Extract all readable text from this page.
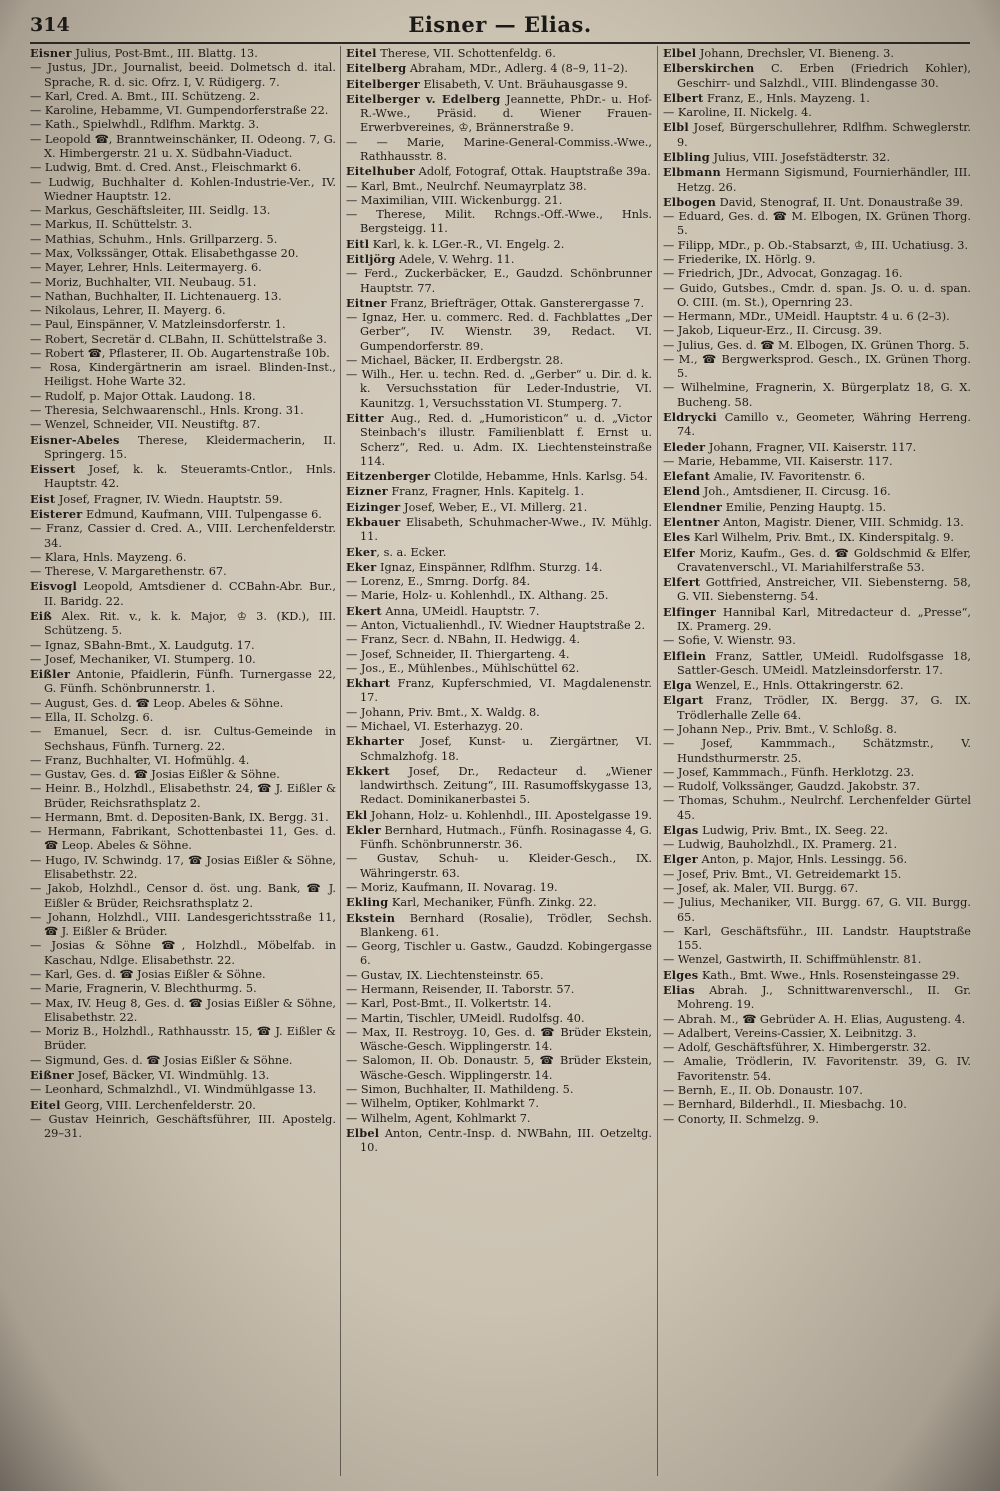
314	Eisner — Elias.

Eisner Julius, Post-Bmt., III. Blattg. 13.

— Justus, JDr., Journalist, beeid. Dolmetsch d. ital. Sprache, R. d. sic. Ofrz. I, V. Rüdigerg. 7.

— Karl, Cred. A. Bmt., III. Schützeng. 2.

— Karoline, Hebamme, VI. Gumpendorferstraße 22.

— Kath., Spielwhdl., Rdlfhm. Marktg. 3.

— Leopold ☎, Branntweinschänker, II. Odeong. 7, G. X. Himbergerstr. 21 u. X. Südbahn-Viaduct.

— Ludwig, Bmt. d. Cred. Anst., Fleischmarkt 6.

— Ludwig, Buchhalter d. Kohlen-Industrie-Ver., IV. Wiedner Hauptstr. 12.

— Markus, Geschäftsleiter, III. Seidlg. 13.

— Markus, II. Schüttelstr. 3.

— Mathias, Schuhm., Hnls. Grillparzerg. 5.

— Max, Volkssänger, Ottak. Elisabethgasse 20.

— Mayer, Lehrer, Hnls. Leitermayerg. 6.

— Moriz, Buchhalter, VII. Neubaug. 51.

— Nathan, Buchhalter, II. Lichtenauerg. 13.

— Nikolaus, Lehrer, II. Mayerg. 6.

— Paul, Einspänner, V. Matzleinsdorferstr. 1.

— Robert, Secretär d. CLBahn, II. Schüttelstraße 3.

— Robert ☎, Pflasterer, II. Ob. Augartenstraße 10b.

— Rosa, Kindergärtnerin am israel. Blinden-Inst., Heiligst. Hohe Warte 32.

— Rudolf, p. Major Ottak. Laudong. 18.

— Theresia, Selchwaarenschl., Hnls. Krong. 31.

— Wenzel, Schneider, VII. Neustiftg. 87.

Eisner-Abeles Therese, Kleidermacherin, II. Springerg. 15.

Eissert Josef, k. k. Steueramts-Cntlor., Hnls. Hauptstr. 42.

Eist Josef, Fragner, IV. Wiedn. Hauptstr. 59.

Eisterer Edmund, Kaufmann, VIII. Tulpengasse 6.

— Franz, Cassier d. Cred. A., VIII. Lerchenfelderstr. 34.

— Klara, Hnls. Mayzeng. 6.

— Therese, V. Margarethenstr. 67.

Eisvogl Leopold, Amtsdiener d. CCBahn-Abr. Bur., II. Baridg. 22.

Eiß Alex. Rit. v., k. k. Major, ♔ 3. (KD.), III. Schützeng. 5.

— Ignaz, SBahn-Bmt., X. Laudgutg. 17.

— Josef, Mechaniker, VI. Stumperg. 10.

Eißler Antonie, Pfaidlerin, Fünfh. Turnergasse 22, G. Fünfh. Schönbrunnerstr. 1.

— August, Ges. d. ☎ Leop. Abeles & Söhne.

— Ella, II. Scholzg. 6.

— Emanuel, Secr. d. isr. Cultus-Gemeinde in Sechshaus, Fünfh. Turnerg. 22.

— Franz, Buchhalter, VI. Hofmühlg. 4.

— Gustav, Ges. d. ☎ Josias Eißler & Söhne.

— Heinr. B., Holzhdl., Elisabethstr. 24, ☎ J. Eißler & Brüder, Reichsrathsplatz 2.

— Hermann, Bmt. d. Depositen-Bank, IX. Bergg. 31.

— Hermann, Fabrikant, Schottenbastei 11, Ges. d. ☎ Leop. Abeles & Söhne.

— Hugo, IV. Schwindg. 17, ☎ Josias Eißler & Söhne, Elisabethstr. 22.

— Jakob, Holzhdl., Censor d. öst. ung. Bank, ☎ J. Eißler & Brüder, Reichsrathsplatz 2.

— Johann, Holzhdl., VIII. Landesgerichtsstraße 11, ☎ J. Eißler & Brüder.

— Josias & Söhne ☎, Holzhdl., Möbelfab. in Kaschau, Ndlge. Elisabethstr. 22.

— Karl, Ges. d. ☎ Josias Eißler & Söhne.

— Marie, Fragnerin, V. Blechthurmg. 5.

— Max, IV. Heug 8, Ges. d. ☎ Josias Eißler & Söhne, Elisabethstr. 22.

— Moriz B., Holzhdl., Rathhausstr. 15, ☎ J. Eißler & Brüder.

— Sigmund, Ges. d. ☎ Josias Eißler & Söhne.

Eißner Josef, Bäcker, VI. Windmühlg. 13.

— Leonhard, Schmalzhdl., VI. Windmühlgasse 13.

Eitel Georg, VIII. Lerchenfelderstr. 20.

— Gustav Heinrich, Geschäftsführer, III. Apostelg. 29–31.

Eitel Therese, VII. Schottenfeldg. 6.

Eitelberg Abraham, MDr., Adlerg. 4 (8–9, 11–2).

Eitelberger Elisabeth, V. Unt. Bräuhausgasse 9.

Eitelberger v. Edelberg Jeannette, PhDr.- u. Hof-R.-Wwe., Präsid. d. Wiener Frauen-Erwerbvereines, ♔, Brännerstraße 9.

— — Marie, Marine-General-Commiss.-Wwe., Rathhausstr. 8.

Eitelhuber Adolf, Fotograf, Ottak. Hauptstraße 39a.

— Karl, Bmt., Neulrchf. Neumayrplatz 38.

— Maximilian, VIII. Wickenburgg. 21.

— Therese, Milit. Rchngs.-Off.-Wwe., Hnls. Bergsteigg. 11.

Eitl Karl, k. k. LGer.-R., VI. Engelg. 2.

Eitljörg Adele, V. Wehrg. 11.

— Ferd., Zuckerbäcker, E., Gaudzd. Schönbrunner Hauptstr. 77.

Eitner Franz, Briefträger, Ottak. Gansterergasse 7.

— Ignaz, Her. u. commerc. Red. d. Fachblattes „Der Gerber“, IV. Wienstr. 39, Redact. VI. Gumpendorferstr. 89.

— Michael, Bäcker, II. Erdbergstr. 28.

— Wilh., Her. u. techn. Red. d. „Gerber“ u. Dir. d. k. k. Versuchsstation für Leder-Industrie, VI. Kaunitzg. 1, Versuchsstation VI. Stumperg. 7.

Eitter Aug., Red. d. „Humoristicon“ u. d. „Victor Steinbach's illustr. Familienblatt f. Ernst u. Scherz“, Red. u. Adm. IX. Liechtensteinstraße 114.

Eitzenberger Clotilde, Hebamme, Hnls. Karlsg. 54.

Eizner Franz, Fragner, Hnls. Kapitelg. 1.

Eizinger Josef, Weber, E., VI. Millerg. 21.

Ekbauer Elisabeth, Schuhmacher-Wwe., IV. Mühlg. 11.

Eker, s. a. Ecker.

Eker Ignaz, Einspänner, Rdlfhm. Sturzg. 14.

— Lorenz, E., Smrng. Dorfg. 84.

— Marie, Holz- u. Kohlenhdl., IX. Althang. 25.

Ekert Anna, UMeidl. Hauptstr. 7.

— Anton, Victualienhdl., IV. Wiedner Hauptstraße 2.

— Franz, Secr. d. NBahn, II. Hedwigg. 4.

— Josef, Schneider, II. Thiergarteng. 4.

— Jos., E., Mühlenbes., Mühlschüttel 62.

Ekhart Franz, Kupferschmied, VI. Magdalenenstr. 17.

— Johann, Priv. Bmt., X. Waldg. 8.

— Michael, VI. Esterhazyg. 20.

Ekharter Josef, Kunst- u. Ziergärtner, VI. Schmalzhofg. 18.

Ekkert Josef, Dr., Redacteur d. „Wiener landwirthsch. Zeitung“, III. Rasumoffskygasse 13, Redact. Dominikanerbastei 5.

Ekl Johann, Holz- u. Kohlenhdl., III. Apostelgasse 19.

Ekler Bernhard, Hutmach., Fünfh. Rosinagasse 4, G. Fünfh. Schönbrunnerstr. 36.

— Gustav, Schuh- u. Kleider-Gesch., IX. Währingerstr. 63.

— Moriz, Kaufmann, II. Novarag. 19.

Ekling Karl, Mechaniker, Fünfh. Zinkg. 22.

Ekstein Bernhard (Rosalie), Trödler, Sechsh. Blankeng. 61.

— Georg, Tischler u. Gastw., Gaudzd. Kobingergasse 6.

— Gustav, IX. Liechtensteinstr. 65.

— Hermann, Reisender, II. Taborstr. 57.

— Karl, Post-Bmt., II. Volkertstr. 14.

— Martin, Tischler, UMeidl. Rudolfsg. 40.

— Max, II. Restroyg. 10, Ges. d. ☎ Brüder Ekstein, Wäsche-Gesch. Wipplingerstr. 14.

— Salomon, II. Ob. Donaustr. 5, ☎ Brüder Ekstein, Wäsche-Gesch. Wipplingerstr. 14.

— Simon, Buchhalter, II. Mathildeng. 5.

— Wilhelm, Optiker, Kohlmarkt 7.

— Wilhelm, Agent, Kohlmarkt 7.

Elbel Anton, Centr.-Insp. d. NWBahn, III. Oetzeltg. 10.

Elbel Johann, Drechsler, VI. Bieneng. 3.

Elberskirchen C. Erben (Friedrich Kohler), Geschirr- und Salzhdl., VIII. Blindengasse 30.

Elbert Franz, E., Hnls. Mayzeng. 1.

— Karoline, II. Nickelg. 4.

Elbl Josef, Bürgerschullehrer, Rdlfhm. Schweglerstr. 9.

Elbling Julius, VIII. Josefstädterstr. 32.

Elbmann Hermann Sigismund, Fournierhändler, III. Hetzg. 26.

Elbogen David, Stenograf, II. Unt. Donaustraße 39.

— Eduard, Ges. d. ☎ M. Elbogen, IX. Grünen Thorg. 5.

— Filipp, MDr., p. Ob.-Stabsarzt, ♔, III. Uchatiusg. 3.

— Friederike, IX. Hörlg. 9.

— Friedrich, JDr., Advocat, Gonzagag. 16.

— Guido, Gutsbes., Cmdr. d. span. Js. O. u. d. span. O. CIII. (m. St.), Opernring 23.

— Hermann, MDr., UMeidl. Hauptstr. 4 u. 6 (2–3).

— Jakob, Liqueur-Erz., II. Circusg. 39.

— Julius, Ges. d. ☎ M. Elbogen, IX. Grünen Thorg. 5.

— M., ☎ Bergwerksprod. Gesch., IX. Grünen Thorg. 5.

— Wilhelmine, Fragnerin, X. Bürgerplatz 18, G. X. Bucheng. 58.

Eldrycki Camillo v., Geometer, Währing Herreng. 74.

Eleder Johann, Fragner, VII. Kaiserstr. 117.

— Marie, Hebamme, VII. Kaiserstr. 117.

Elefant Amalie, IV. Favoritenstr. 6.

Elend Joh., Amtsdiener, II. Circusg. 16.

Elendner Emilie, Penzing Hauptg. 15.

Elentner Anton, Magistr. Diener, VIII. Schmidg. 13.

Eles Karl Wilhelm, Priv. Bmt., IX. Kinderspitalg. 9.

Elfer Moriz, Kaufm., Ges. d. ☎ Goldschmid & Elfer, Cravatenverschl., VI. Mariahilferstraße 53.

Elfert Gottfried, Anstreicher, VII. Siebensterng. 58, G. VII. Siebensterng. 54.

Elfinger Hannibal Karl, Mitredacteur d. „Presse“, IX. Pramerg. 29.

— Sofie, V. Wienstr. 93.

Elflein Franz, Sattler, UMeidl. Rudolfsgasse 18, Sattler-Gesch. UMeidl. Matzleinsdorferstr. 17.

Elga Wenzel, E., Hnls. Ottakringerstr. 62.

Elgart Franz, Trödler, IX. Bergg. 37, G. IX. Trödlerhalle Zelle 64.

— Johann Nep., Priv. Bmt., V. Schloßg. 8.

— Josef, Kammmach., Schätzmstr., V. Hundsthurmerstr. 25.

— Josef, Kammmach., Fünfh. Herklotzg. 23.

— Rudolf, Volkssänger, Gaudzd. Jakobstr. 37.

— Thomas, Schuhm., Neulrchf. Lerchenfelder Gürtel 45.

Elgas Ludwig, Priv. Bmt., IX. Seeg. 22.

— Ludwig, Bauholzhdl., IX. Pramerg. 21.

Elger Anton, p. Major, Hnls. Lessingg. 56.

— Josef, Priv. Bmt., VI. Getreidemarkt 15.

— Josef, ak. Maler, VII. Burgg. 67.

— Julius, Mechaniker, VII. Burgg. 67, G. VII. Burgg. 65.

— Karl, Geschäftsführ., III. Landstr. Hauptstraße 155.

— Wenzel, Gastwirth, II. Schiffmühlenstr. 81.

Elges Kath., Bmt. Wwe., Hnls. Rosensteingasse 29.

Elias Abrah. J., Schnittwarenverschl., II. Gr. Mohreng. 19.

— Abrah. M., ☎ Gebrüder A. H. Elias, Augusteng. 4.

— Adalbert, Vereins-Cassier, X. Leibnitzg. 3.

— Adolf, Geschäftsführer, X. Himbergerstr. 32.

— Amalie, Trödlerin, IV. Favoritenstr. 39, G. IV. Favoritenstr. 54.

— Bernh, E., II. Ob. Donaustr. 107.

— Bernhard, Bilderhdl., II. Miesbachg. 10.

— Conorty, II. Schmelzg. 9.
